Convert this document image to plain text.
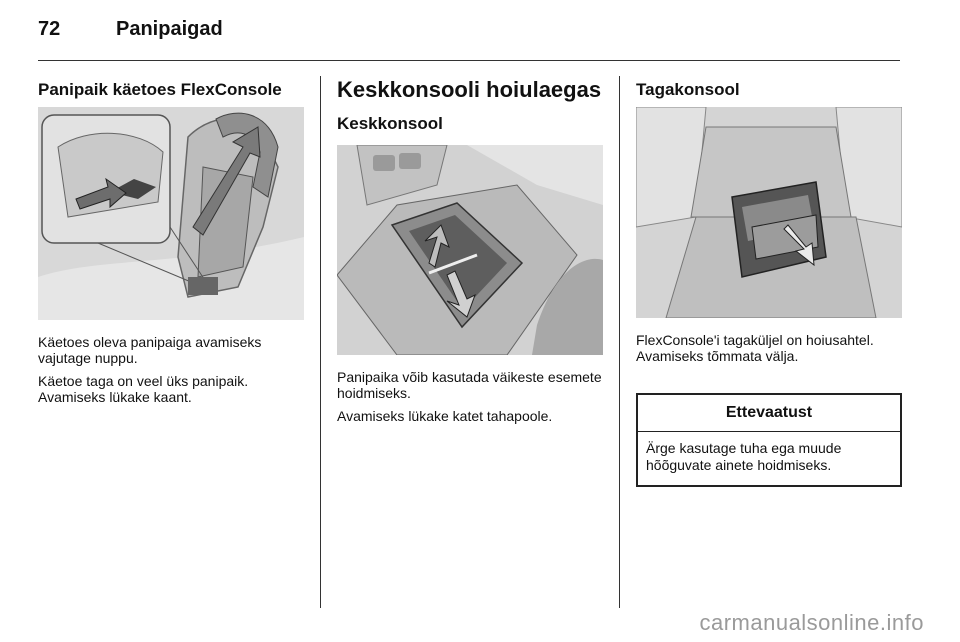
72	Panipaigad
Panipaik käetoes FlexConsole

Käetoes oleva panipaiga avamiseks vajutage nuppu.

Käetoe taga on veel üks panipaik. Avamiseks lükake kaant.

Keskkonsooli hoiulaegas
Keskkonsool

Panipaika võib kasutada väikeste esemete hoidmiseks.

Avamiseks lükake katet tahapoole.

Tagakonsool

FlexConsole'i tagaküljel on hoiusahtel. Avamiseks tõmmata välja.

Ettevaatust
Ärge kasutage tuha ega muude hõõguvate ainete hoidmiseks.
carmanualsonline.info
